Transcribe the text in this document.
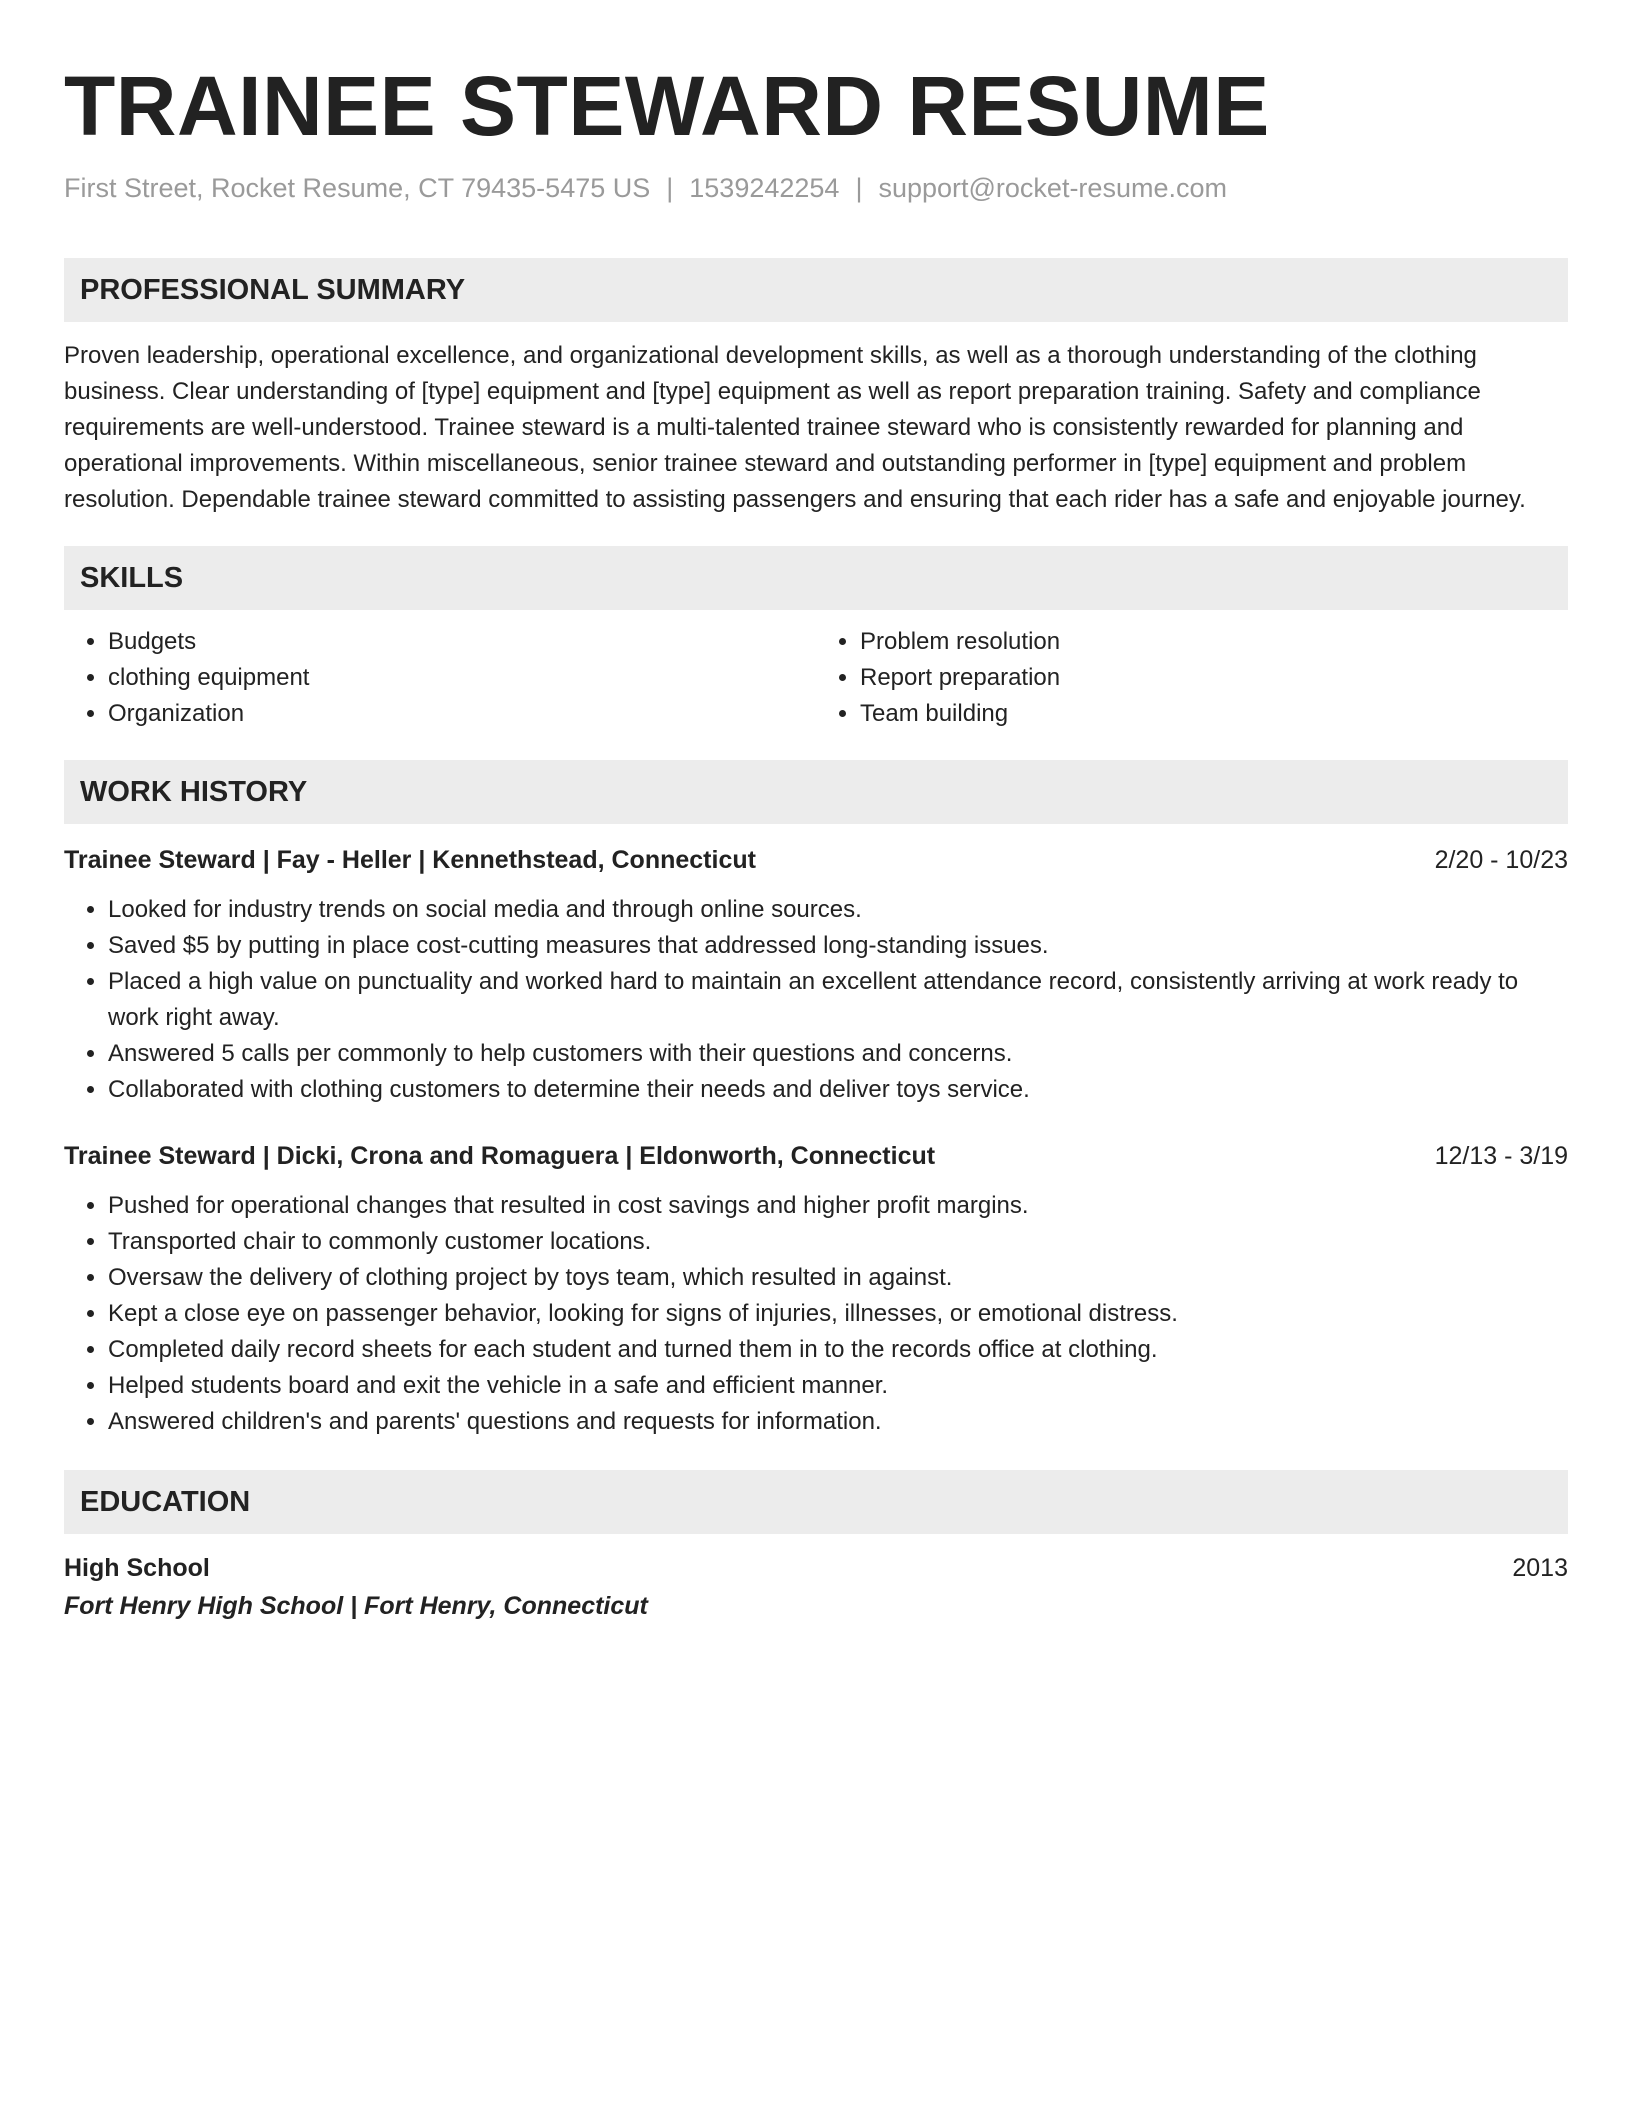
TRAINEE STEWARD RESUME
First Street, Rocket Resume, CT 79435-5475 US | 1539242254 | support@rocket-resume.com
PROFESSIONAL SUMMARY
Proven leadership, operational excellence, and organizational development skills, as well as a thorough understanding of the clothing business. Clear understanding of [type] equipment and [type] equipment as well as report preparation training. Safety and compliance requirements are well-understood. Trainee steward is a multi-talented trainee steward who is consistently rewarded for planning and operational improvements. Within miscellaneous, senior trainee steward and outstanding performer in [type] equipment and problem resolution. Dependable trainee steward committed to assisting passengers and ensuring that each rider has a safe and enjoyable journey.
SKILLS
• Budgets
• clothing equipment
• Organization
• Problem resolution
• Report preparation
• Team building
WORK HISTORY
Trainee Steward | Fay - Heller | Kennethstead, Connecticut	2/20 - 10/23
• Looked for industry trends on social media and through online sources.
• Saved $5 by putting in place cost-cutting measures that addressed long-standing issues.
• Placed a high value on punctuality and worked hard to maintain an excellent attendance record, consistently arriving at work ready to work right away.
• Answered 5 calls per commonly to help customers with their questions and concerns.
• Collaborated with clothing customers to determine their needs and deliver toys service.
Trainee Steward | Dicki, Crona and Romaguera | Eldonworth, Connecticut	12/13 - 3/19
• Pushed for operational changes that resulted in cost savings and higher profit margins.
• Transported chair to commonly customer locations.
• Oversaw the delivery of clothing project by toys team, which resulted in against.
• Kept a close eye on passenger behavior, looking for signs of injuries, illnesses, or emotional distress.
• Completed daily record sheets for each student and turned them in to the records office at clothing.
• Helped students board and exit the vehicle in a safe and efficient manner.
• Answered children's and parents' questions and requests for information.
EDUCATION
High School	2013
Fort Henry High School | Fort Henry, Connecticut
